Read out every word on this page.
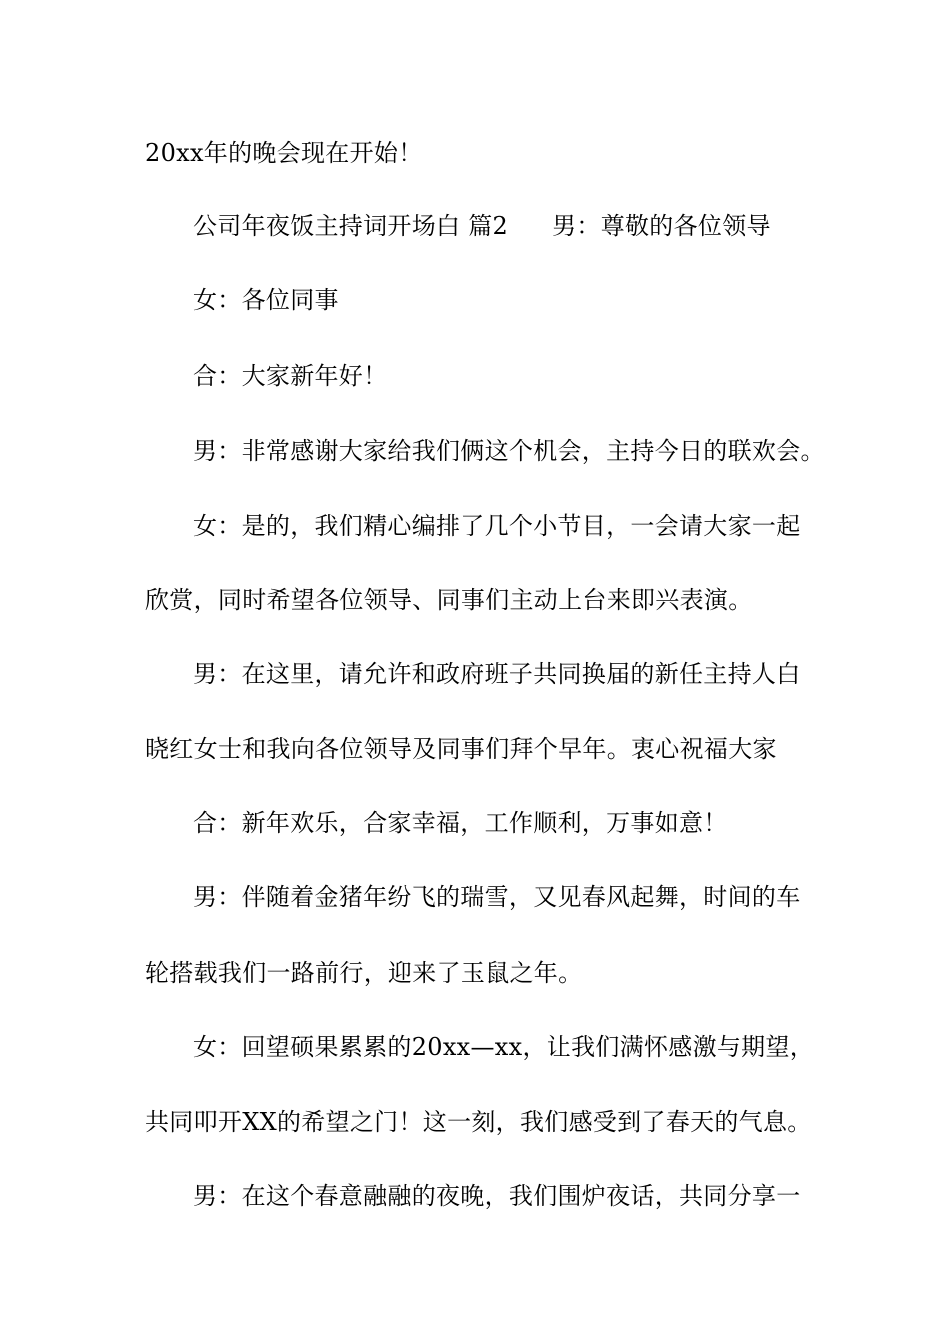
20xx年的晚会现在开始！
公司年夜饭主持词开场白 篇2 男：尊敬的各位领导
女：各位同事
合：大家新年好！
男：非常感谢大家给我们俩这个机会，主持今日的联欢会。
女：是的，我们精心编排了几个小节目，一会请大家一起
欣赏，同时希望各位领导、同事们主动上台来即兴表演。
男：在这里，请允许和政府班子共同换届的新任主持人白
晓红女士和我向各位领导及同事们拜个早年。衷心祝福大家
合：新年欢乐，合家幸福，工作顺利，万事如意！
男：伴随着金猪年纷飞的瑞雪，又见春风起舞，时间的车
轮搭载我们一路前行，迎来了玉鼠之年。
女：回望硕果累累的20xx—xx，让我们满怀感激与期望，
共同叩开XX的希望之门！这一刻，我们感受到了春天的气息。
男：在这个春意融融的夜晚，我们围炉夜话，共同分享一
